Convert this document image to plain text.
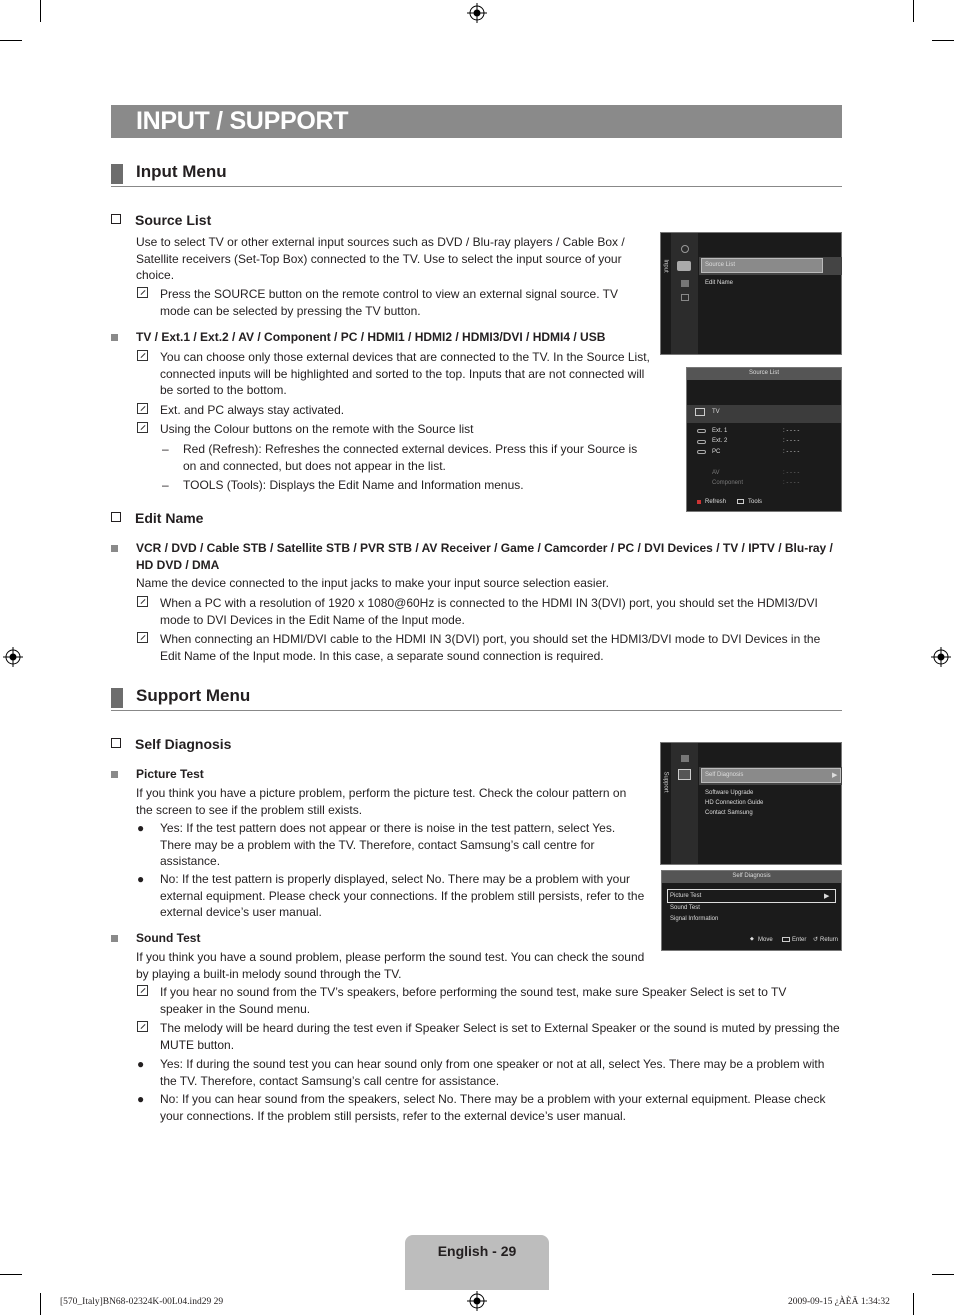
INPUT / SUPPORT
Input Menu
Source List
Use to select TV or other external input sources such as DVD / Blu-ray players / Cable Box / Satellite receivers (Set-Top Box) connected to the TV. Use to select the input source of your choice.
Press the SOURCE button on the remote control to view an external signal source. TV mode can be selected by pressing the TV button.
TV / Ext.1 / Ext.2 / AV / Component / PC / HDMI1 / HDMI2 / HDMI3/DVI / HDMI4 / USB
You can choose only those external devices that are connected to the TV. In the Source List, connected inputs will be highlighted and sorted to the top. Inputs that are not connected will be sorted to the bottom.
Ext. and PC always stay activated.
Using the Colour buttons on the remote with the Source list
– Red (Refresh): Refreshes the connected external devices. Press this if your Source is on and connected, but does not appear in the list.
– TOOLS (Tools): Displays the Edit Name and Information menus.
Edit Name
VCR / DVD / Cable STB / Satellite STB / PVR STB / AV Receiver / Game / Camcorder / PC / DVI Devices / TV / IPTV / Blu-ray / HD DVD / DMA
Name the device connected to the input jacks to make your input source selection easier.
When a PC with a resolution of 1920 x 1080@60Hz is connected to the HDMI IN 3(DVI) port, you should set the HDMI3/DVI mode to DVI Devices in the Edit Name of the Input mode.
When connecting an HDMI/DVI cable to the HDMI IN 3(DVI) port, you should set the HDMI3/DVI mode to DVI Devices in the Edit Name of the Input mode. In this case, a separate sound connection is required.
Support Menu
Self Diagnosis
Picture Test
If you think you have a picture problem, perform the picture test. Check the colour pattern on the screen to see if the problem still exists.
● Yes: If the test pattern does not appear or there is noise in the test pattern, select Yes. There may be a problem with the TV. Therefore, contact Samsung’s call centre for assistance.
● No: If the test pattern is properly displayed, select No. There may be a problem with your external equipment. Please check your connections. If the problem still persists, refer to the external device’s user manual.
Sound Test
If you think you have a sound problem, please perform the sound test. You can check the sound by playing a built-in melody sound through the TV.
If you hear no sound from the TV’s speakers, before performing the sound test, make sure Speaker Select is set to TV speaker in the Sound menu.
The melody will be heard during the test even if Speaker Select is set to External Speaker or the sound is muted by pressing the MUTE button.
● Yes: If during the sound test you can hear sound only from one speaker or not at all, select Yes. There may be a problem with the TV. Therefore, contact Samsung’s call centre for assistance.
● No: If you can hear sound from the speakers, select No. There may be a problem with your external equipment. Please check your connections. If the problem still persists, refer to the external device’s user manual.
Input	Source List
Edit Name
Source List
TV
Ext. 1	: - - - -
Ext. 2	: - - - -
PC	: - - - -
AV	: - - - -
Component	: - - - -
Refresh	Tools
Support	Self Diagnosis	▶
Software Upgrade
HD Connection Guide
Contact Samsung
Self Diagnosis
Picture Test	▶
Sound Test
Signal Information
◆ Move	Enter ↺ Return
English - 29
[570_Italy]BN68-02324K-00L04.ind29 29	2009-09-15 ¿ÀÈÄ 1:34:32
